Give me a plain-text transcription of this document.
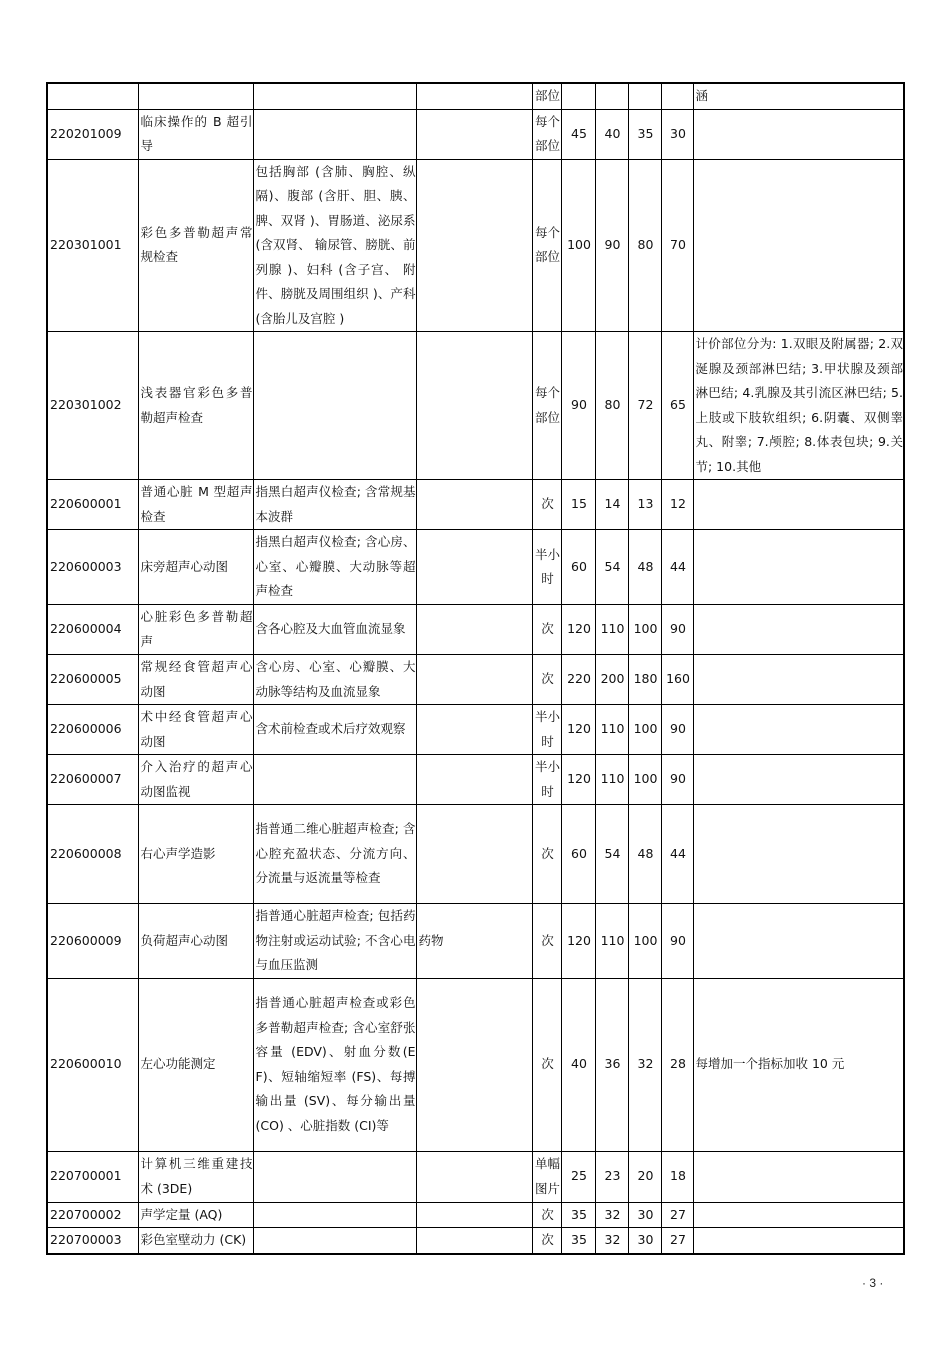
				部位					涵
220201009	临床操作的 B 超引导			每个部位	45	40	35	30	
220301001	彩色多普勒超声常规检查	包括胸部 (含肺、胸腔、纵隔)、腹部 (含肝、胆、胰、脾、双肾 )、胃肠道、泌尿系(含双肾、 输尿管、膀胱、前列腺 )、妇科 (含子宫、 附件、膀胱及周围组织 )、产科(含胎儿及宫腔 )		每个部位	100	90	80	70	
220301002	浅表器官彩色多普勒超声检查			每个部位	90	80	72	65	计价部位分为: 1.双眼及附属器; 2.双涎腺及颈部淋巴结; 3.甲状腺及颈部淋巴结; 4.乳腺及其引流区淋巴结; 5.上肢或下肢软组织; 6.阴囊、双侧睾丸、附睾; 7.颅腔; 8.体表包块; 9.关节; 10.其他
220600001	普通心脏 M 型超声检查	指黑白超声仪检查; 含常规基本波群		次	15	14	13	12	
220600003	床旁超声心动图	指黑白超声仪检查; 含心房、心室、心瓣膜、大动脉等超声检查		半小时	60	54	48	44	
220600004	心脏彩色多普勒超声	含各心腔及大血管血流显象		次	120	110	100	90	
220600005	常规经食管超声心动图	含心房、心室、心瓣膜、大动脉等结构及血流显象		次	220	200	180	160	
220600006	术中经食管超声心动图	含术前检查或术后疗效观察		半小时	120	110	100	90	
220600007	介入治疗的超声心动图监视			半小时	120	110	100	90	
220600008	右心声学造影	指普通二维心脏超声检查; 含心腔充盈状态、分流方向、分流量与返流量等检查		次	60	54	48	44	
220600009	负荷超声心动图	指普通心脏超声检查; 包括药物注射或运动试验; 不含心电与血压监测	药物	次	120	110	100	90	
220600010	左心功能测定	指普通心脏超声检查或彩色多普勒超声检查; 含心室舒张容量 (EDV)、射血分数(EF)、短轴缩短率 (FS)、每搏输出量 (SV)、每分输出量 (CO) 、心脏指数 (CI)等		次	40	36	32	28	每增加一个指标加收 10 元
220700001	计算机三维重建技术 (3DE)			单幅图片	25	23	20	18	
220700002	声学定量 (AQ)			次	35	32	30	27	
220700003	彩色室壁动力 (CK)			次	35	32	30	27	
· 3 ·
